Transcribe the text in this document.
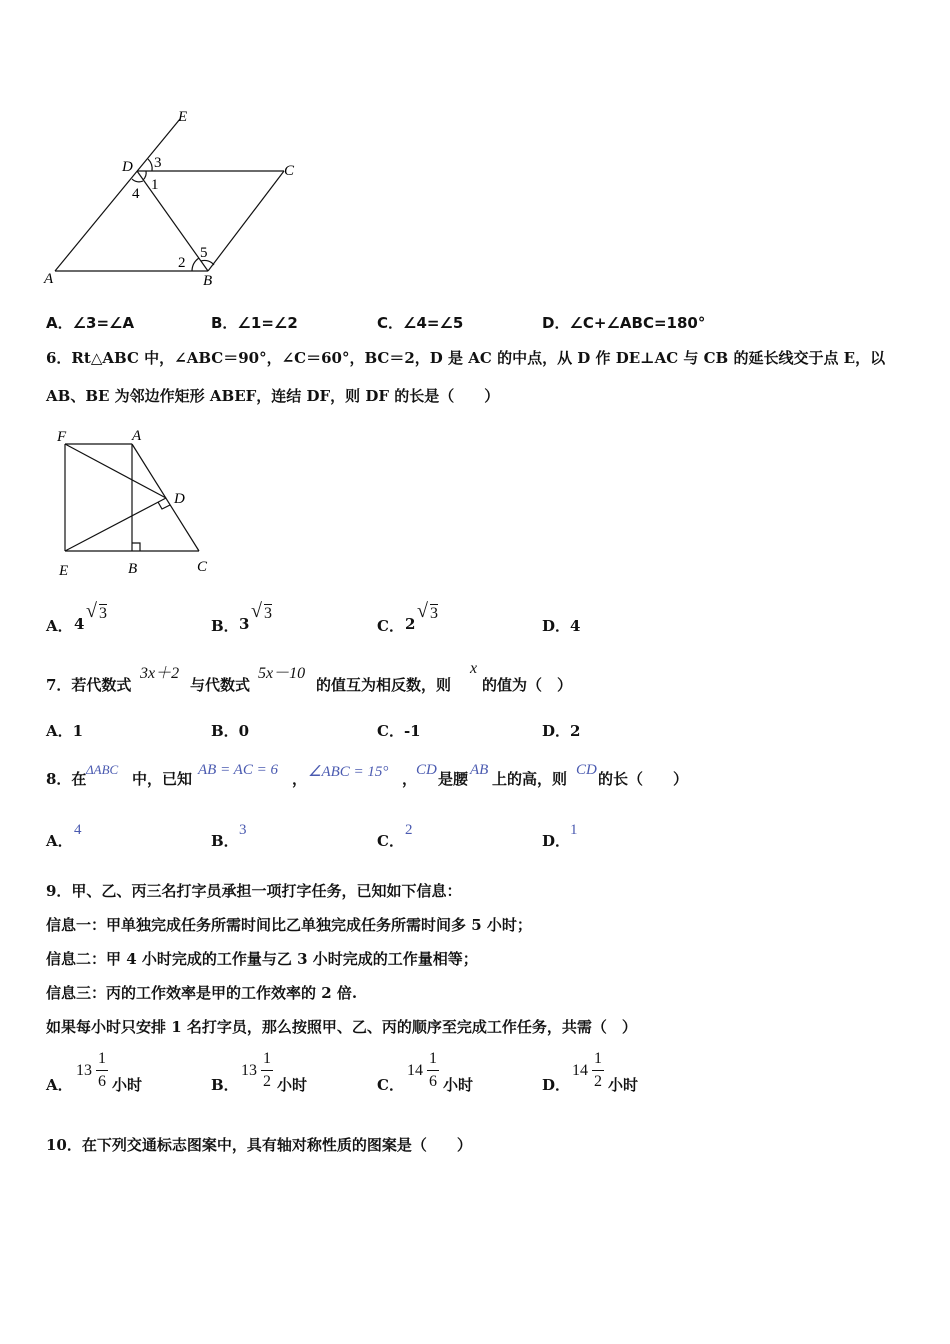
E
D	C
A	B
3
1
4
2
5
A．∠3=∠A	B．∠1=∠2	C．∠4=∠5	D．∠C+∠ABC=180°
6．Rt△ABC 中，∠ABC＝90°，∠C＝60°，BC＝2，D 是 AC 的中点，从 D 作 DE⊥AC 与 CB 的延长线交于点 E，以
AB、BE 为邻边作矩形 ABEF，连结 DF，则 DF 的长是（　　）
F	A
D
E	B	C
A． 4
√ 3
B． 3
√ 3
C． 2
√ 3
D．4
7．若代数式
3x＋2
与代数式
5x－10
的值互为相反数，则
x
的值为（　）
A．1	B．0	C．-1	D．2
8．在
ΔABC
中，已知 AB = AC = 6 ， ∠ABC = 15° ，
CD 是腰 AB 上的高，则 CD 的长（　　）
A．
4
B．
3
C．
2
D．
1
9．甲、乙、丙三名打字员承担一项打字任务，已知如下信息：
信息一：甲单独完成任务所需时间比乙单独完成任务所需时间多 5 小时；
信息二：甲 4 小时完成的工作量与乙 3 小时完成的工作量相等；
信息三：丙的工作效率是甲的工作效率的 2 倍.
如果每小时只安排 1 名打字员，那么按照甲、乙、丙的顺序至完成工作任务，共需（　）
A．
13
1
6 小时	B．
13
1
2 小时	C．
14
1
6 小时	D．
14
1
2 小时
10．在下列交通标志图案中，具有轴对称性质的图案是（　　）
